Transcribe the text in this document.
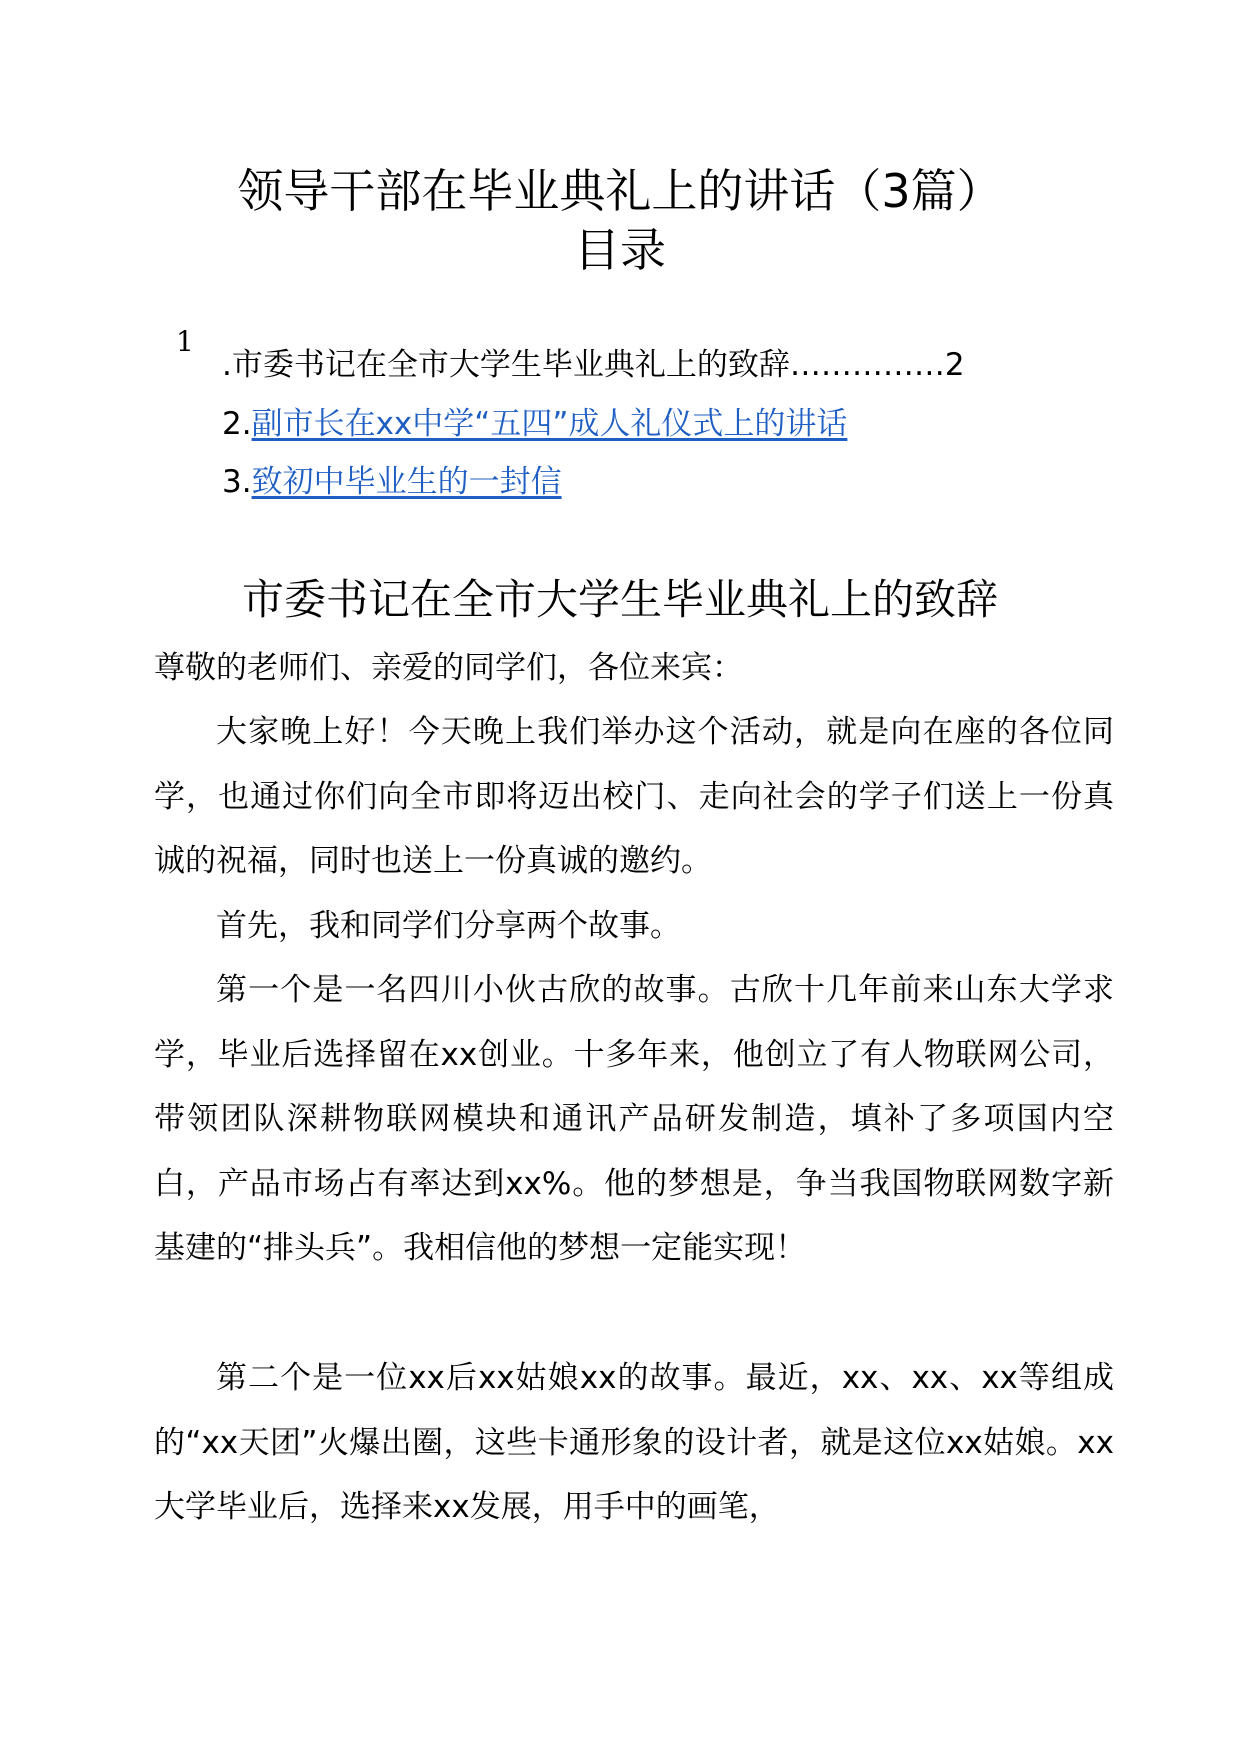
领导干部在毕业典礼上的讲话（3篇）
目录
1
.市委书记在全市大学生毕业典礼上的致辞……………2
2.副市长在xx中学“五四”成人礼仪式上的讲话
3.致初中毕业生的一封信
市委书记在全市大学生毕业典礼上的致辞

尊敬的老师们、亲爱的同学们，各位来宾：

大家晚上好！今天晚上我们举办这个活动，就是向在座的各位同学，也通过你们向全市即将迈出校门、走向社会的学子们送上一份真诚的祝福，同时也送上一份真诚的邀约。

首先，我和同学们分享两个故事。

第一个是一名四川小伙古欣的故事。古欣十几年前来山东大学求学，毕业后选择留在xx创业。十多年来，他创立了有人物联网公司，带领团队深耕物联网模块和通讯产品研发制造，填补了多项国内空白，产品市场占有率达到xx%。他的梦想是，争当我国物联网数字新基建的“排头兵”。我相信他的梦想一定能实现！

第二个是一位xx后xx姑娘xx的故事。最近，xx、xx、xx等组成的“xx天团”火爆出圈，这些卡通形象的设计者，就是这位xx姑娘。xx大学毕业后，选择来xx发展，用手中的画笔，
